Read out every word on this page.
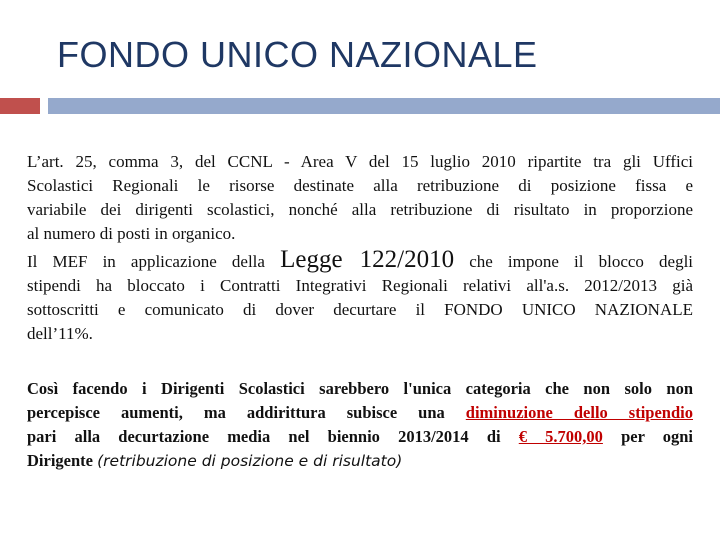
FONDO UNICO NAZIONALE
L’art. 25, comma 3, del CCNL - Area V del 15 luglio 2010 ripartite tra gli Uffici
Scolastici Regionali le risorse destinate alla retribuzione di posizione fissa e
variabile dei dirigenti scolastici, nonché alla retribuzione di risultato in proporzione
al numero di posti in organico.
Il MEF in applicazione della Legge 122/2010 che impone il blocco degli
stipendi ha bloccato i Contratti Integrativi Regionali relativi all'a.s. 2012/2013 già
sottoscritti e comunicato di dover decurtare il FONDO UNICO NAZIONALE
dell’11%.
Così facendo i Dirigenti Scolastici sarebbero l'unica categoria che non solo non
percepisce aumenti, ma addirittura subisce una diminuzione dello stipendio
pari alla decurtazione media nel biennio 2013/2014 di € 5.700,00 per ogni
Dirigente (retribuzione di posizione e di risultato)
